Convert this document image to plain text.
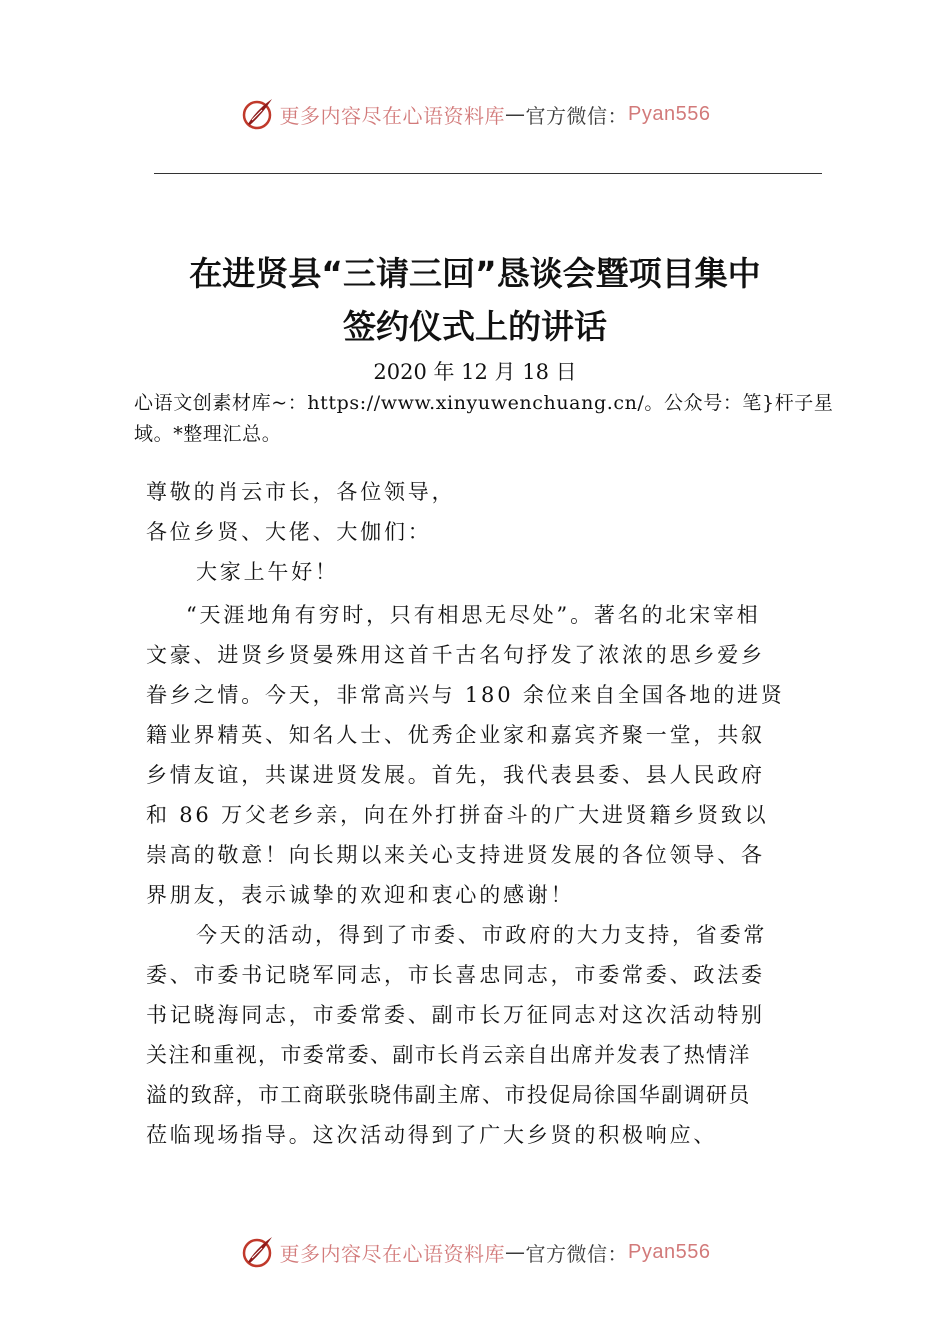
更多内容尽在心语资料库 — 官方微信： Pyan556
在进贤县“三请三回”恳谈会暨项目集中
签约仪式上的讲话
2020 年 12 月 18 日
心语文创素材库~：https://www.xinyuwenchuang.cn/。公众号：笔}杆子星域。*整理汇总。
尊敬的肖云市长，各位领导，
各位乡贤、大佬、大伽们：
大家上午好！
“天涯地角有穷时，只有相思无尽处”。著名的北宋宰相
文豪、进贤乡贤晏殊用这首千古名句抒发了浓浓的思乡爱乡
眷乡之情。今天，非常高兴与 180 余位来自全国各地的进贤
籍业界精英、知名人士、优秀企业家和嘉宾齐聚一堂，共叙
乡情友谊，共谋进贤发展。首先，我代表县委、县人民政府
和 86 万父老乡亲，向在外打拼奋斗的广大进贤籍乡贤致以
崇高的敬意！向长期以来关心支持进贤发展的各位领导、各
界朋友，表示诚挚的欢迎和衷心的感谢！
今天的活动，得到了市委、市政府的大力支持，省委常
委、市委书记晓军同志，市长喜忠同志，市委常委、政法委
书记晓海同志，市委常委、副市长万征同志对这次活动特别
关注和重视，市委常委、副市长肖云亲自出席并发表了热情洋
溢的致辞，市工商联张晓伟副主席、市投促局徐国华副调研员
莅临现场指导。这次活动得到了广大乡贤的积极响应、
更多内容尽在心语资料库 — 官方微信： Pyan556
